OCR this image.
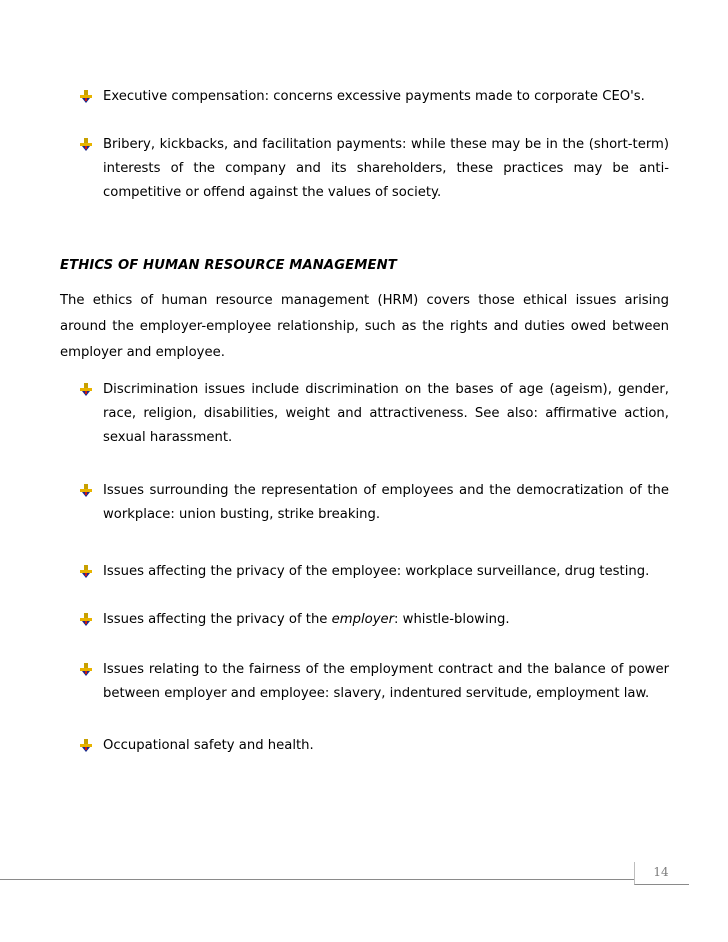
Executive compensation: concerns excessive payments made to corporate CEO's.

Bribery, kickbacks, and facilitation payments: while these may be in the (short-term) interests of the company and its shareholders, these practices may be anti-competitive or offend against the values of society.

ETHICS OF HUMAN RESOURCE MANAGEMENT

The ethics of human resource management (HRM) covers those ethical issues arising around the employer-employee relationship, such as the rights and duties owed between employer and employee.

Discrimination issues include discrimination on the bases of age (ageism), gender, race, religion, disabilities, weight and attractiveness. See also: affirmative action, sexual harassment.

Issues surrounding the representation of employees and the democratization of the workplace: union busting, strike breaking.

Issues affecting the privacy of the employee: workplace surveillance, drug testing.

Issues affecting the privacy of the employer: whistle-blowing.

Issues relating to the fairness of the employment contract and the balance of power between employer and employee: slavery, indentured servitude, employment law.

Occupational safety and health.

14
